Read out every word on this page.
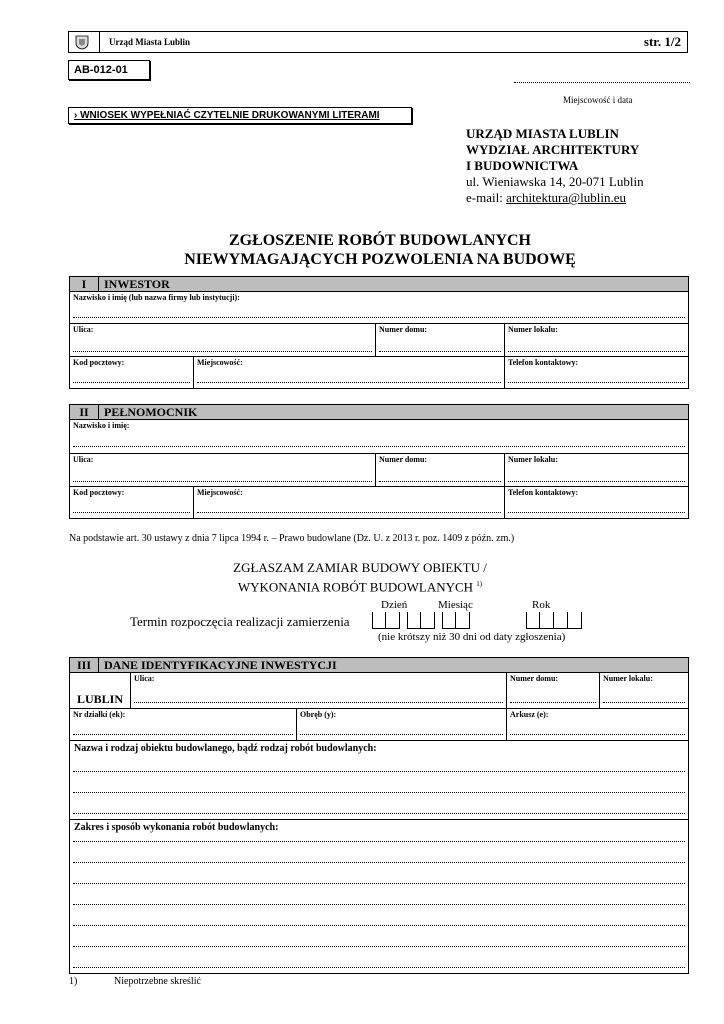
Urząd Miasta Lublin	str. 1/2
AB-012-01
Miejscowość i data
› WNIOSEK WYPEŁNIAĆ CZYTELNIE DRUKOWANYMI LITERAMI
URZĄD MIASTA LUBLIN
WYDZIAŁ ARCHITEKTURY
I BUDOWNICTWA
ul. Wieniawska 14, 20-071 Lublin
e-mail: architektura@lublin.eu
ZGŁOSZENIE ROBÓT BUDOWLANYCH
NIEWYMAGAJĄCYCH POZWOLENIA NA BUDOWĘ
I	INWESTOR
Nazwisko i imię (lub nazwa firmy lub instytucji):
Ulica:	Numer domu:	Numer lokalu:
Kod pocztowy:	Miejscowość:	Telefon kontaktowy:
II	PEŁNOMOCNIK
Nazwisko i imię:
Ulica:	Numer domu:	Numer lokalu:
Kod pocztowy:	Miejscowość:	Telefon kontaktowy:
Na podstawie art. 30 ustawy z dnia 7 lipca 1994 r. – Prawo budowlane (Dz. U. z 2013 r. poz. 1409 z późn. zm.)
ZGŁASZAM ZAMIAR BUDOWY OBIEKTU /
WYKONANIA ROBÓT BUDOWLANYCH $^{1)}$
Termin rozpoczęcia realizacji zamierzenia
Dzień	Miesiąc	Rok
(nie krótszy niż 30 dni od daty zgłoszenia)
III	DANE IDENTYFIKACYJNE INWESTYCJI
LUBLIN
Ulica:	Numer domu:	Numer lokalu:
Nr działki (ek):	Obręb (y):	Arkusz (e):
Nazwa i rodzaj obiektu budowlanego, bądź rodzaj robót budowlanych:
Zakres i sposób wykonania robót budowlanych:
1)	Niepotrzebne skreślić
